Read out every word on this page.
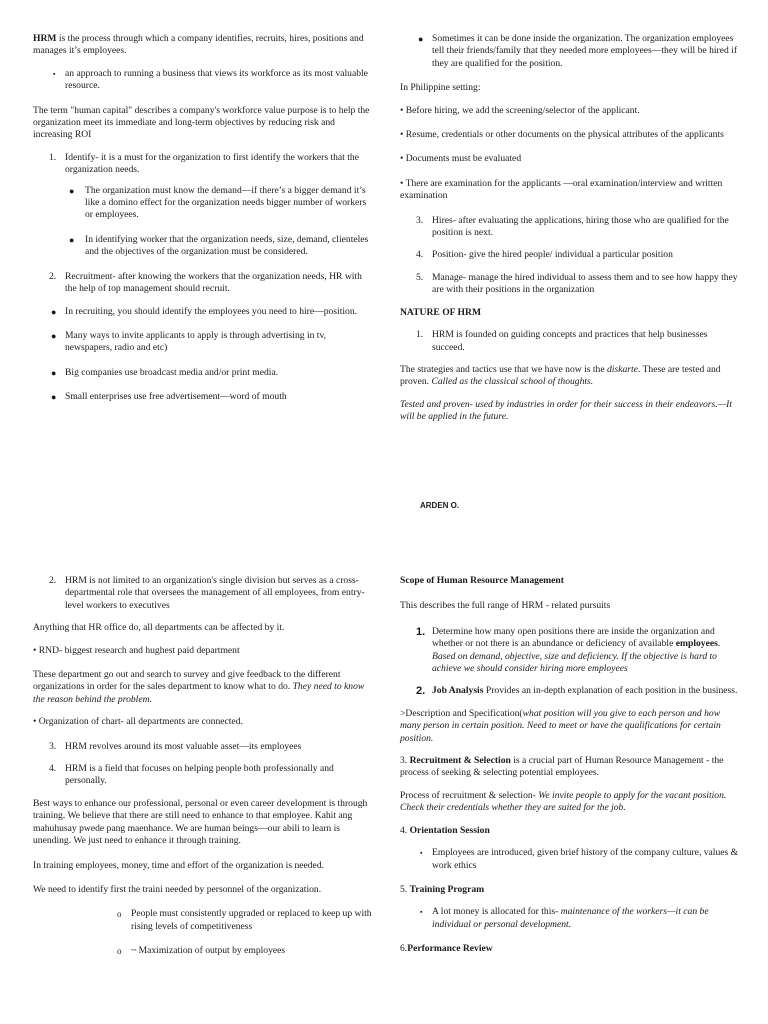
HRM is the process through which a company identifies, recruits, hires, positions and manages it’s employees.

▪ an approach to running a business that views its workforce as its most valuable resource.

The term "human capital" describes a company's workforce value purpose is to help the organization meet its immediate and long-term objectives by reducing risk and increasing ROI

1. Identify- it is a must for the organization to first identify the workers that the organization needs.
● The organization must know the demand—if there’s a bigger demand it’s like a domino effect for the organization needs bigger number of workers or employees.
● In identifying worker that the organization needs, size, demand, clienteles and the objectives of the organization must be considered.
2. Recruitment- after knowing the workers that the organization needs, HR with the help of top management should recruit.
● In recruiting, you should identify the employees you need to hire—position.
● Many ways to invite applicants to apply is through advertising in tv, newspapers, radio and etc)
● Big companies use broadcast media and/or print media.
● Small enterprises use free advertisement—word of mouth
● Sometimes it can be done inside the organization. The organization employees tell their friends/family that they needed more employees—they will be hired if they are qualified for the position.

In Philippine setting:

• Before hiring, we add the screening/selector of the applicant.

• Resume, credentials or other documents on the physical attributes of the applicants

• Documents must be evaluated

• There are examination for the applicants —oral examination/interview and written examination

3. Hires- after evaluating the applications, hiring those who are qualified for the position is next.
4. Position- give the hired people/ individual a particular position
5. Manage- manage the hired individual to assess them and to see how happy they are with their positions in the organization

NATURE OF HRM

1. HRM is founded on guiding concepts and practices that help businesses succeed.

The strategies and tactics use that we have now is the diskarte. These are tested and proven. Called as the classical school of thoughts.

Tested and proven- used by industries in order for their success in their endeavors.—It will be applied in the future.

ARDEN O.
2. HRM is not limited to an organization's single division but serves as a cross-departmental role that oversees the management of all employees, from entry-level workers to executives

Anything that HR office do, all departments can be affected by it.

• RND- biggest research and hughest paid department

These department go out and search to survey and give feedback to the different organizations in order for the sales department to know what to do. They need to know the reason behind the problem.

• Organization of chart- all departments are connected.

3. HRM revolves around its most valuable asset—its employees
4. HRM is a field that focuses on helping people both professionally and personally.

Best ways to enhance our professional, personal or even career development is through training. We believe that there are still need to enhance to that employee. Kahit ang mahuhusay pwede pang maenhance. We are human beings—our abili to learn is unending. We just need to enhance it through training.

In training employees, money, time and effort of the organization is needed.

We need to identify first the traini needed by personnel of the organization.

o People must consistently upgraded or replaced to keep up with rising levels of competitiveness
o ~ Maximization of output by employees

Scope of Human Resource Management

This describes the full range of HRM - related pursuits

1. Determine how many open positions there are inside the organization and whether or not there is an abundance or deficiency of available employees. Based on demand, objective, size and deficiency. If the objective is hard to achieve we should consider hiring more employees
2. Job Analysis Provides an in-depth explanation of each position in the business.

>Description and Specification(what position will you give to each person and how many person in certain position. Need to meet or have the qualifications for certain position.

3. Recruitment & Selection is a crucial part of Human Resource Management - the process of seeking & selecting potential employees.

Process of recruitment & selection- We invite people to apply for the vacant position. Check their credentials whether they are suited for the job.

4. Orientation Session

▪ Employees are introduced, given brief history of the company culture, values & work ethics

5. Training Program

▪ A lot money is allocated for this- maintenance of the workers—it can be individual or personal development.

6.Performance Review
